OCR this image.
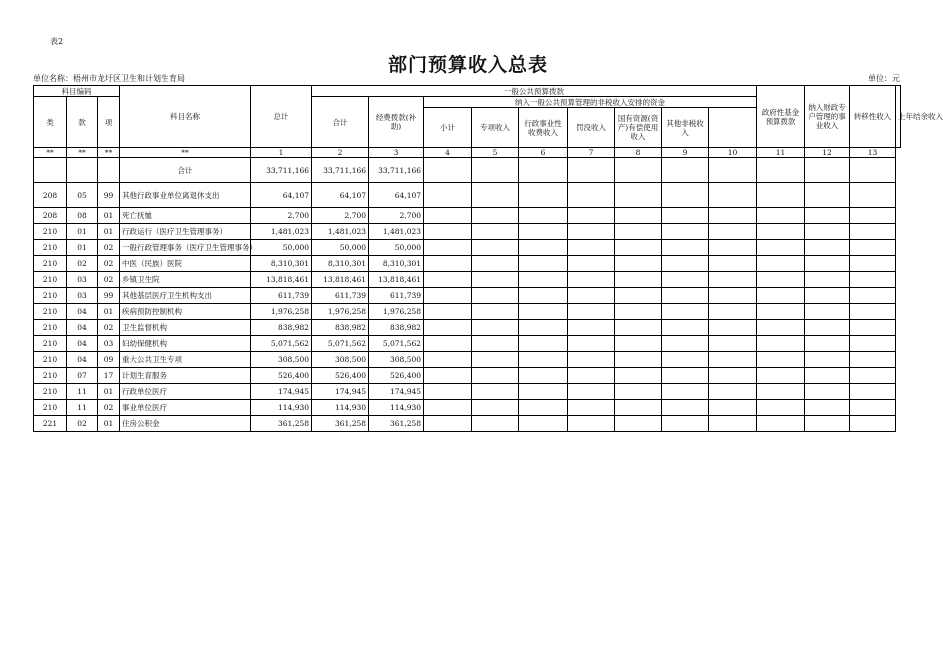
表2
部门预算收入总表
单位名称：梧州市龙圩区卫生和计划生育局	单位：元
科目编码			科目名称	总计	一般公共预算拨款									政府性基金预算拨款	纳入财政专户管理的事业收入	转移性收入	上年结余收入
类	款	项			合计	经费拨款(补助)	纳入一般公共预算管理的非税收入安排的资金										
							小计	专项收入	行政事业性收费收入	罚没收入	国有资源(资产)有偿使用收入	其他非税收入					
**	**	**	**	1	2	3	4	5	6	7	8	9	10	11	12	13	
			合计	33,711,166	33,711,166	33,711,166											
208	05	99	其他行政事业单位离退休支出	64,107	64,107	64,107											
208	08	01	死亡抚恤	2,700	2,700	2,700											
210	01	01	行政运行（医疗卫生管理事务）	1,481,023	1,481,023	1,481,023											
210	01	02	一般行政管理事务（医疗卫生管理事务）	50,000	50,000	50,000											
210	02	02	中医（民族）医院	8,310,301	8,310,301	8,310,301											
210	03	02	乡镇卫生院	13,818,461	13,818,461	13,818,461											
210	03	99	其他基层医疗卫生机构支出	611,739	611,739	611,739											
210	04	01	疾病预防控制机构	1,976,258	1,976,258	1,976,258											
210	04	02	卫生监督机构	838,982	838,982	838,982											
210	04	03	妇幼保健机构	5,071,562	5,071,562	5,071,562											
210	04	09	重大公共卫生专项	308,500	308,500	308,500											
210	07	17	计划生育服务	526,400	526,400	526,400											
210	11	01	行政单位医疗	174,945	174,945	174,945											
210	11	02	事业单位医疗	114,930	114,930	114,930											
221	02	01	住房公积金	361,258	361,258	361,258											
